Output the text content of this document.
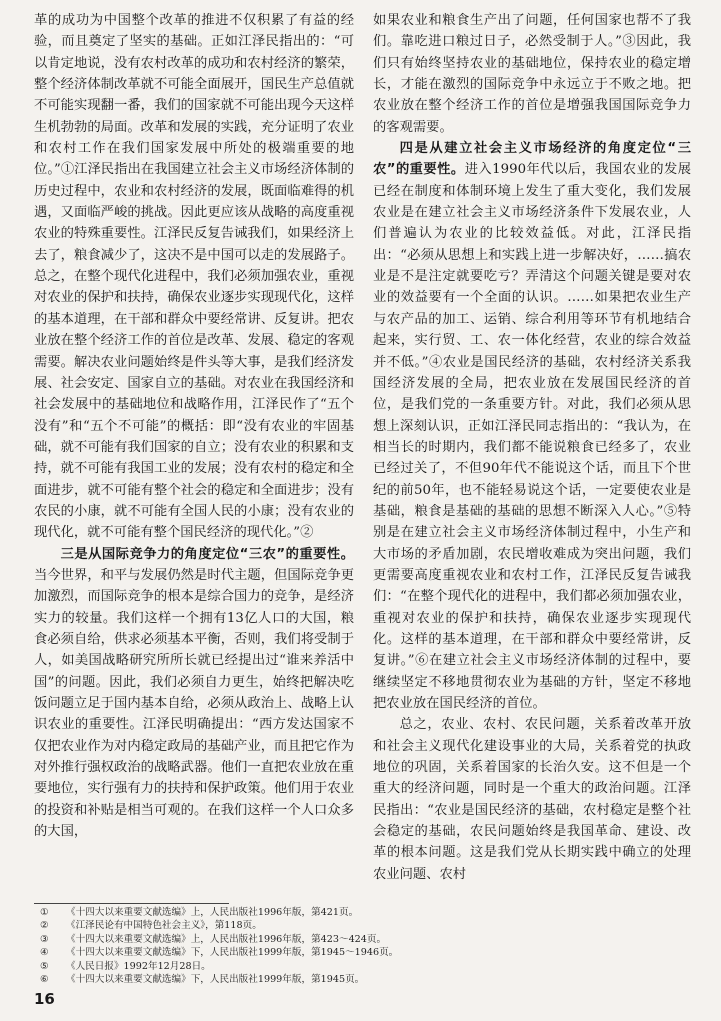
革的成功为中国整个改革的推进不仅积累了有益的经验，而且奠定了坚实的基础。正如江泽民指出的：“可以肯定地说，没有农村改革的成功和农村经济的繁荣，整个经济体制改革就不可能全面展开，国民生产总值就不可能实现翻一番，我们的国家就不可能出现今天这样生机勃勃的局面。改革和发展的实践，充分证明了农业和农村工作在我们国家发展中所处的极端重要的地位。”①江泽民指出在我国建立社会主义市场经济体制的历史过程中，农业和农村经济的发展，既面临难得的机遇，又面临严峻的挑战。因此更应该从战略的高度重视农业的特殊重要性。江泽民反复告诫我们，如果经济上去了，粮食减少了，这决不是中国可以走的发展路子。总之，在整个现代化进程中，我们必须加强农业，重视对农业的保护和扶持，确保农业逐步实现现代化，这样的基本道理，在干部和群众中要经常讲、反复讲。把农业放在整个经济工作的首位是改革、发展、稳定的客观需要。解决农业问题始终是件头等大事，是我们经济发展、社会安定、国家自立的基础。对农业在我国经济和社会发展中的基础地位和战略作用，江泽民作了“五个没有”和“五个不可能”的概括：即“没有农业的牢固基础，就不可能有我们国家的自立；没有农业的积累和支持，就不可能有我国工业的发展；没有农村的稳定和全面进步，就不可能有整个社会的稳定和全面进步；没有农民的小康，就不可能有全国人民的小康；没有农业的现代化，就不可能有整个国民经济的现代化。”②

三是从国际竞争力的角度定位“三农”的重要性。当今世界，和平与发展仍然是时代主题，但国际竞争更加激烈，而国际竞争的根本是综合国力的竞争，是经济实力的较量。我们这样一个拥有13亿人口的大国，粮食必须自给，供求必须基本平衡，否则，我们将受制于人，如美国战略研究所所长就已经提出过“谁来养活中国”的问题。因此，我们必须自力更生，始终把解决吃饭问题立足于国内基本自给，必须从政治上、战略上认识农业的重要性。江泽民明确提出：“西方发达国家不仅把农业作为对内稳定政局的基础产业，而且把它作为对外推行强权政治的战略武器。他们一直把农业放在重要地位，实行强有力的扶持和保护政策。他们用于农业的投资和补贴是相当可观的。在我们这样一个人口众多的大国，

如果农业和粮食生产出了问题，任何国家也帮不了我们。靠吃进口粮过日子，必然受制于人。”③因此，我们只有始终坚持农业的基础地位，保持农业的稳定增长，才能在激烈的国际竞争中永远立于不败之地。把农业放在整个经济工作的首位是增强我国国际竞争力的客观需要。

四是从建立社会主义市场经济的角度定位“三农”的重要性。进入1990年代以后，我国农业的发展已经在制度和体制环境上发生了重大变化，我们发展农业是在建立社会主义市场经济条件下发展农业，人们普遍认为农业的比较效益低。对此，江泽民指出：“必须从思想上和实践上进一步解决好，……搞农业是不是注定就要吃亏？弄清这个问题关键是要对农业的效益要有一个全面的认识。……如果把农业生产与农产品的加工、运销、综合利用等环节有机地结合起来，实行贸、工、农一体化经营，农业的综合效益并不低。”④农业是国民经济的基础，农村经济关系我国经济发展的全局，把农业放在发展国民经济的首位，是我们党的一条重要方针。对此，我们必须从思想上深刻认识，正如江泽民同志指出的：“我认为，在相当长的时期内，我们都不能说粮食已经多了，农业已经过关了，不但90年代不能说这个话，而且下个世纪的前50年，也不能轻易说这个话，一定要使农业是基础，粮食是基础的基础的思想不断深入人心。”⑤特别是在建立社会主义市场经济体制过程中，小生产和大市场的矛盾加剧，农民增收难成为突出问题，我们更需要高度重视农业和农村工作，江泽民反复告诫我们：“在整个现代化的进程中，我们都必须加强农业，重视对农业的保护和扶持，确保农业逐步实现现代化。这样的基本道理，在干部和群众中要经常讲，反复讲。”⑥在建立社会主义市场经济体制的过程中，要继续坚定不移地贯彻农业为基础的方针，坚定不移地把农业放在国民经济的首位。

总之，农业、农村、农民问题，关系着改革开放和社会主义现代化建设事业的大局，关系着党的执政地位的巩固，关系着国家的长治久安。这不但是一个重大的经济问题，同时是一个重大的政治问题。江泽民指出：“农业是国民经济的基础，农村稳定是整个社会稳定的基础，农民问题始终是我国革命、建设、改革的根本问题。这是我们党从长期实践中确立的处理农业问题、农村

①	《十四大以来重要文献选编》上，人民出版社1996年版，第421页。
②	《江泽民论有中国特色社会主义》，第118页。
③	《十四大以来重要文献选编》上，人民出版社1996年版，第423～424页。
④	《十四大以来重要文献选编》下，人民出版社1999年版，第1945～1946页。
⑤	《人民日报》1992年12月28日。
⑥	《十四大以来重要文献选编》下，人民出版社1999年版，第1945页。
16
